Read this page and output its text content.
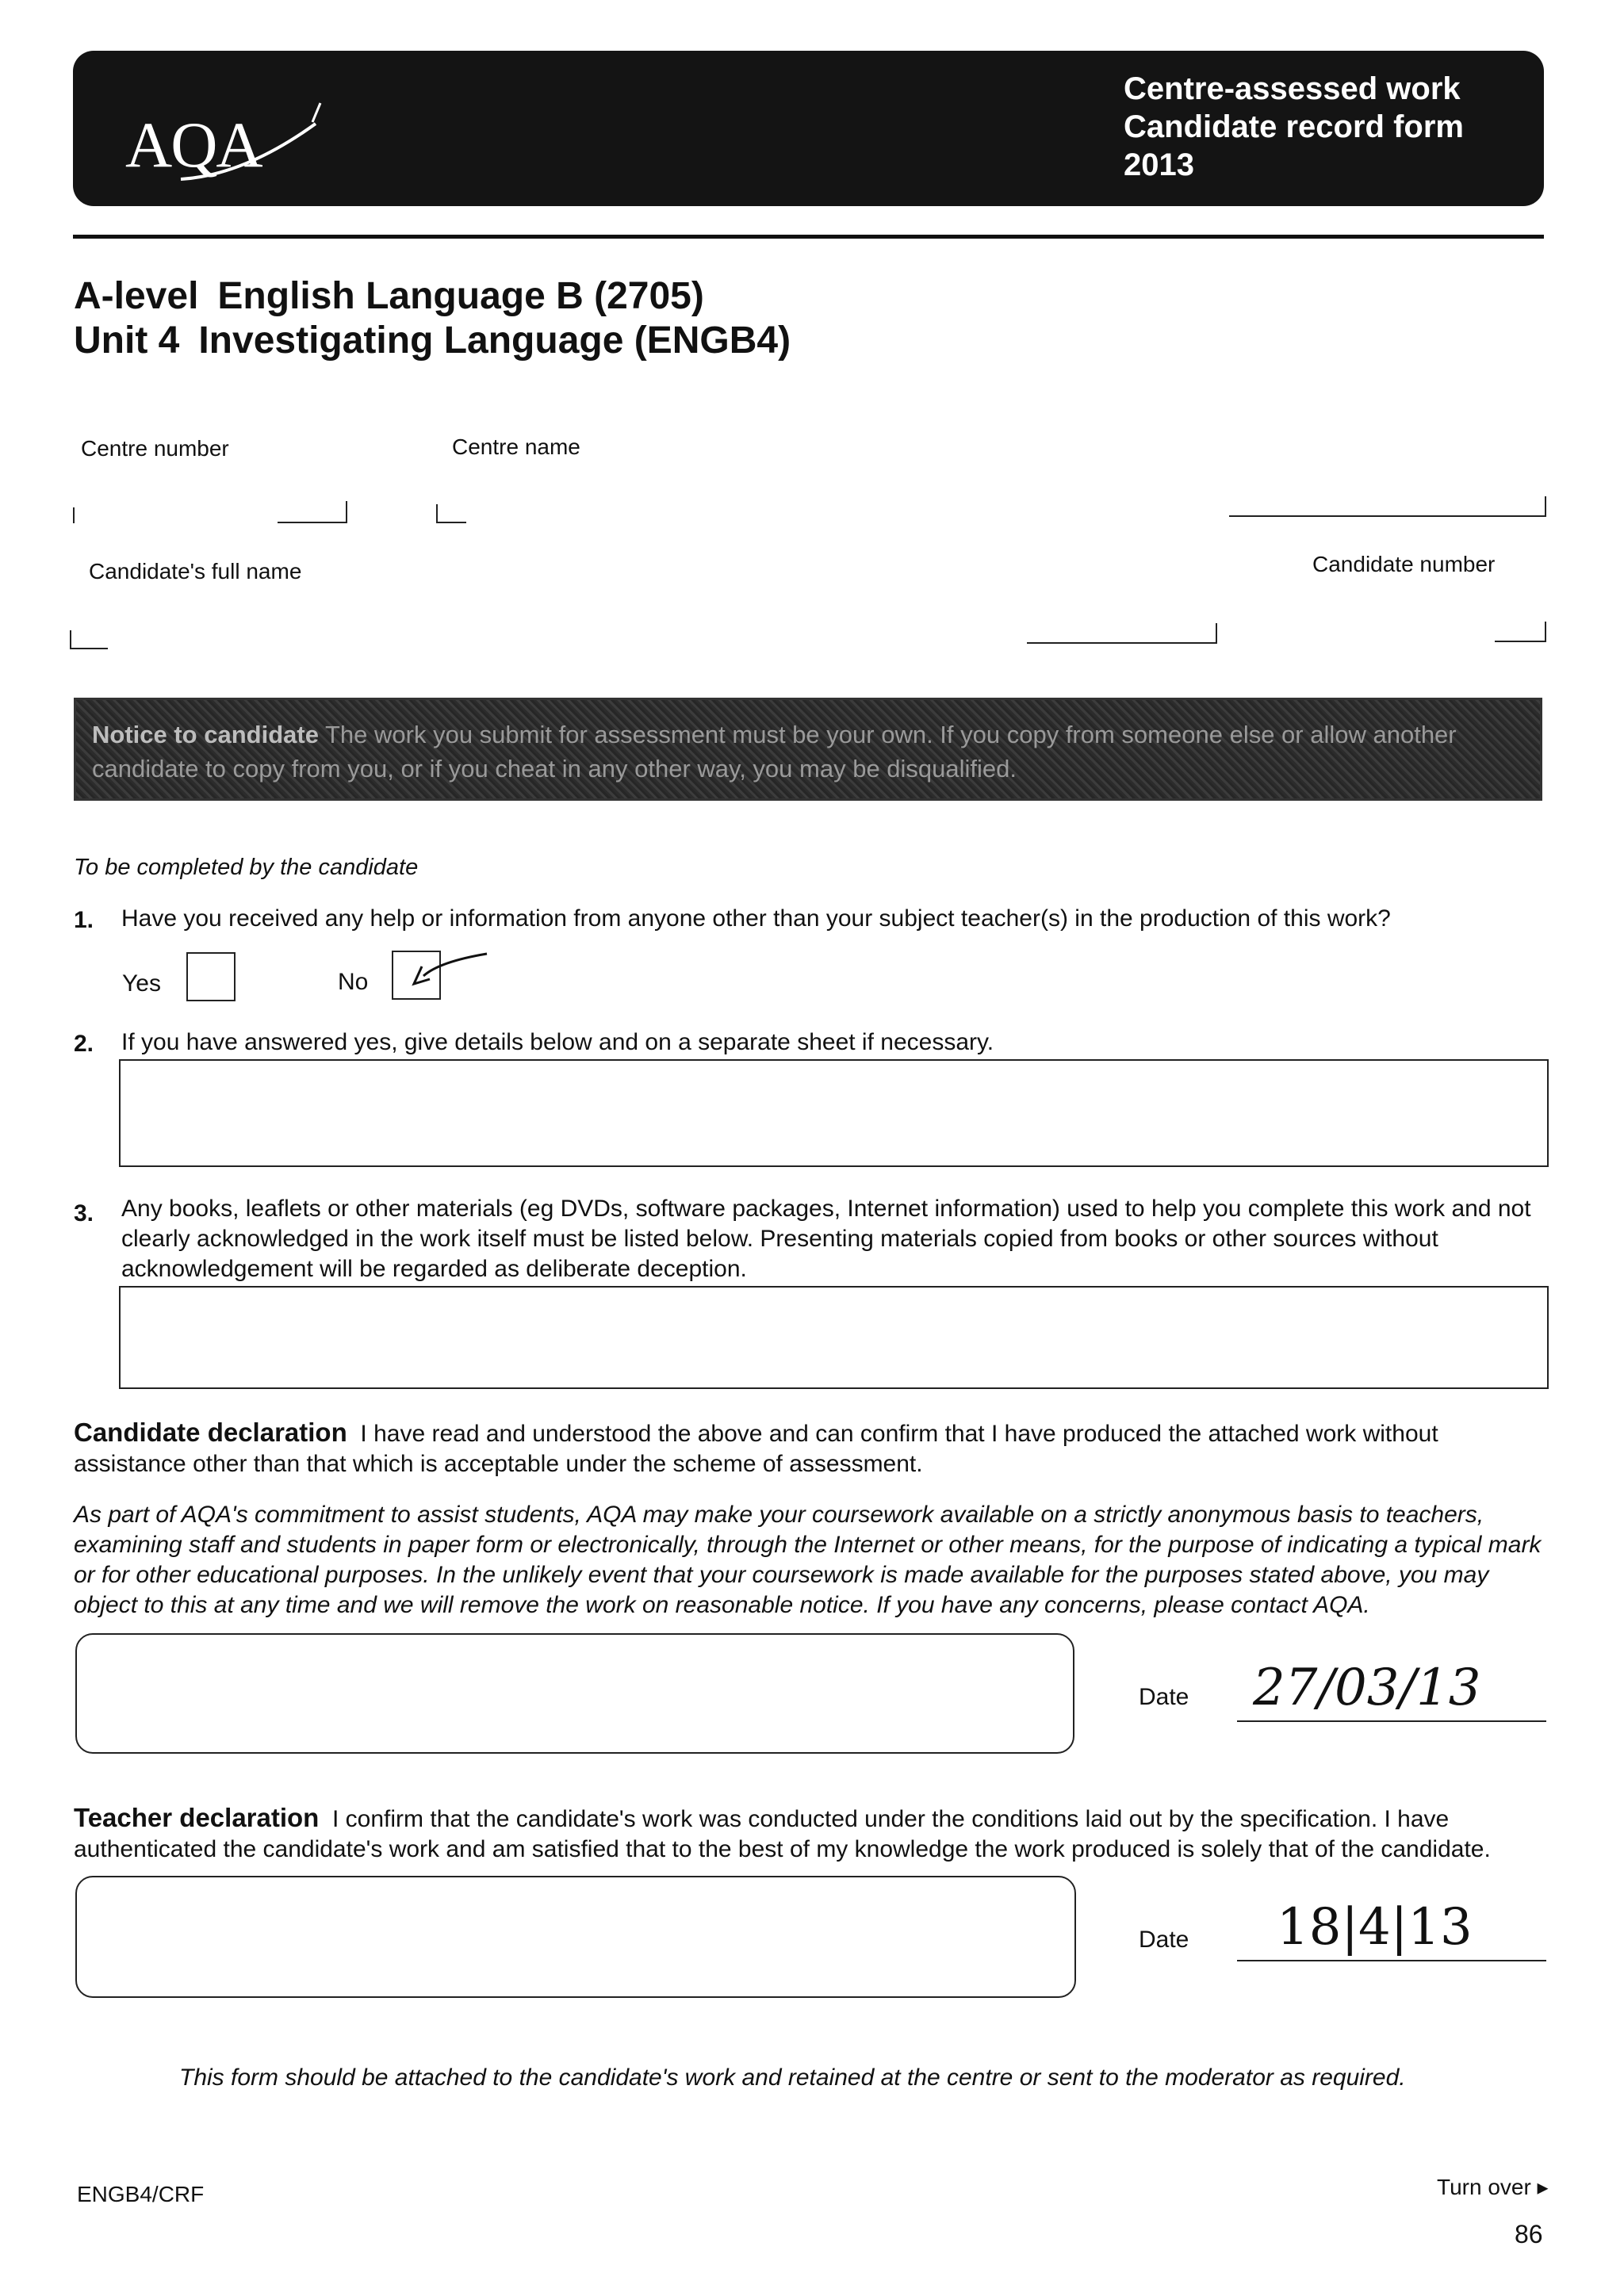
AQA
Centre-assessed work
Candidate record form
2013
A-level English Language B (2705)
Unit 4 Investigating Language (ENGB4)
Centre number	Centre name
Candidate's full name	Candidate number
Notice to candidate The work you submit for assessment must be your own. If you copy from someone else or allow another candidate to copy from you, or if you cheat in any other way, you may be disqualified.
To be completed by the candidate
1. Have you received any help or information from anyone other than your subject teacher(s) in the production of this work?
Yes	No
2. If you have answered yes, give details below and on a separate sheet if necessary.
3. Any books, leaflets or other materials (eg DVDs, software packages, Internet information) used to help you complete this work and not clearly acknowledged in the work itself must be listed below. Presenting materials copied from books or other sources without acknowledgement will be regarded as deliberate deception.
Candidate declaration I have read and understood the above and can confirm that I have produced the attached work without assistance other than that which is acceptable under the scheme of assessment.
As part of AQA's commitment to assist students, AQA may make your coursework available on a strictly anonymous basis to teachers, examining staff and students in paper form or electronically, through the Internet or other means, for the purpose of indicating a typical mark or for other educational purposes. In the unlikely event that your coursework is made available for the purposes stated above, you may object to this at any time and we will remove the work on reasonable notice. If you have any concerns, please contact AQA.
Date 27/03/13
Teacher declaration I confirm that the candidate's work was conducted under the conditions laid out by the specification. I have authenticated the candidate's work and am satisfied that to the best of my knowledge the work produced is solely that of the candidate.
Date 18|4|13
This form should be attached to the candidate's work and retained at the centre or sent to the moderator as required.
ENGB4/CRF	Turn over ▸
86
